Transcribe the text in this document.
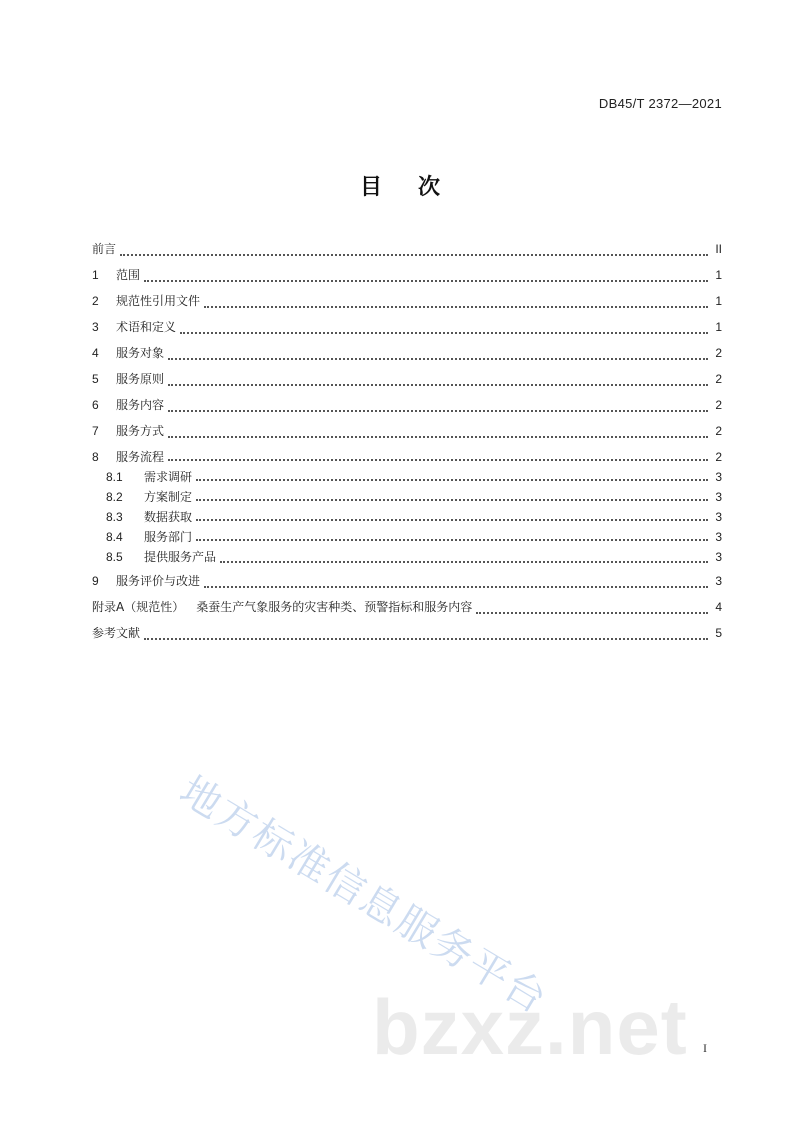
DB45/T 2372—2021
目 次
前言	II
1	范围	1
2	规范性引用文件	1
3	术语和定义	1
4	服务对象	2
5	服务原则	2
6	服务内容	2
7	服务方式	2
8	服务流程	2
8.1	需求调研	3
8.2	方案制定	3
8.3	数据获取	3
8.4	服务部门	3
8.5	提供服务产品	3
9	服务评价与改进	3
附录A（规范性） 桑蚕生产气象服务的灾害种类、预警指标和服务内容	4
参考文献	5
地方标准信息服务平台
bzxz.net I
